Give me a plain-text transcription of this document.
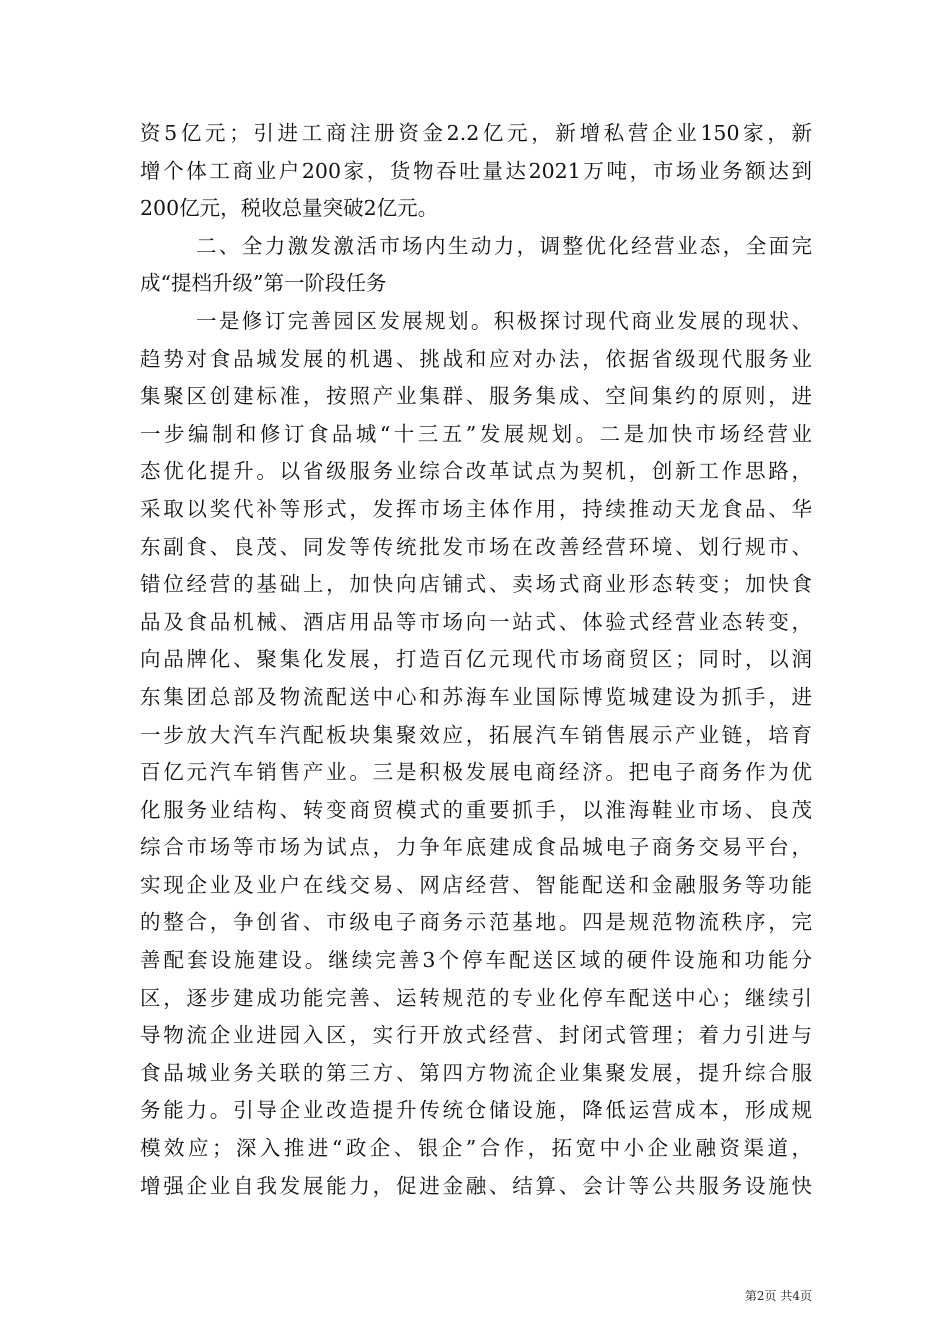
资5亿元；引进工商注册资金2.2亿元，新增私营企业150家，新
增个体工商业户200家，货物吞吐量达2021万吨，市场业务额达到
200亿元，税收总量突破2亿元。
二、全力激发激活市场内生动力，调整优化经营业态，全面完
成“提档升级”第一阶段任务
一是修订完善园区发展规划。积极探讨现代商业发展的现状、
趋势对食品城发展的机遇、挑战和应对办法，依据省级现代服务业
集聚区创建标准，按照产业集群、服务集成、空间集约的原则，进
一步编制和修订食品城“十三五”发展规划。二是加快市场经营业
态优化提升。以省级服务业综合改革试点为契机，创新工作思路，
采取以奖代补等形式，发挥市场主体作用，持续推动天龙食品、华
东副食、良茂、同发等传统批发市场在改善经营环境、划行规市、
错位经营的基础上，加快向店铺式、卖场式商业形态转变；加快食
品及食品机械、酒店用品等市场向一站式、体验式经营业态转变，
向品牌化、聚集化发展，打造百亿元现代市场商贸区；同时，以润
东集团总部及物流配送中心和苏海车业国际博览城建设为抓手，进
一步放大汽车汽配板块集聚效应，拓展汽车销售展示产业链，培育
百亿元汽车销售产业。三是积极发展电商经济。把电子商务作为优
化服务业结构、转变商贸模式的重要抓手，以淮海鞋业市场、良茂
综合市场等市场为试点，力争年底建成食品城电子商务交易平台，
实现企业及业户在线交易、网店经营、智能配送和金融服务等功能
的整合，争创省、市级电子商务示范基地。四是规范物流秩序，完
善配套设施建设。继续完善3个停车配送区域的硬件设施和功能分
区，逐步建成功能完善、运转规范的专业化停车配送中心；继续引
导物流企业进园入区，实行开放式经营、封闭式管理；着力引进与
食品城业务关联的第三方、第四方物流企业集聚发展，提升综合服
务能力。引导企业改造提升传统仓储设施，降低运营成本，形成规
模效应；深入推进“政企、银企”合作，拓宽中小企业融资渠道，
增强企业自我发展能力，促进金融、结算、会计等公共服务设施快
第2页 共4页
